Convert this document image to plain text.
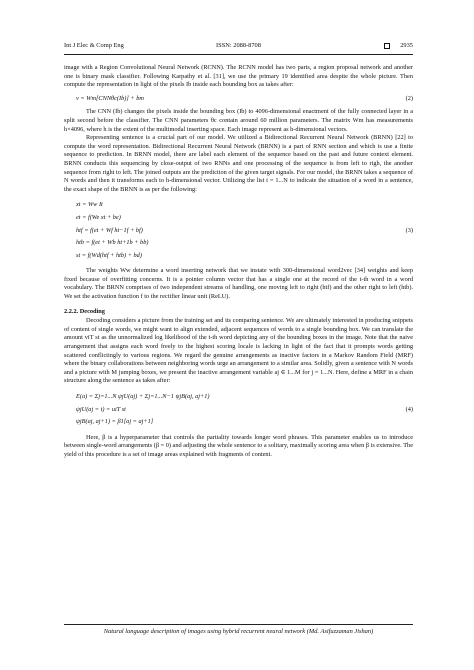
Int J Elec & Comp Eng	ISSN: 2088-8708	2935

image with a Region Convolutional Neural Network (RCNN). The RCNN model has two parts, a region proposal network and another one is binary mask classifier. Following Karpathy et al. [31], we use the primary 19 identified area despite the whole picture. Then compute the representation in light of the pixels Ib inside each bounding box as takes after:

v = Wm[CNNθc(Ib)] + bm	(2)

The CNN (Ib) changes the pixels inside the bounding box (Ib) to 4096-dimensional enactment of the fully connected layer in a split second before the classifier. The CNN parameters θc contain around 60 million parameters. The matrix Wm has measurements h×4096, where h is the extent of the multimodal inserting space. Each image represent as h-dimensional vectors.

Representing sentence is a crucial part of our model. We utilized a Bidirectional Recurrent Neural Network (BRNN) [22] to compute the word representation. Bidirectional Recurrent Neural Network (BRNN) is a part of RNN section and which is use a finite sequence to prediction. In BRNN model, there are label each element of the sequence based on the past and future context element. BRNN conducts this sequencing by close-output of two RNNs and one processing of the sequence is from left to righ, the another sequence from right to left. The joined outputs are the prediction of the given target signals. For our model, the BRNN takes a sequence of N words and then it transforms each to h-dimensional vector. Utilizing the list t = 1...N to indicate the situation of a word in a sentence, the exact shape of the BRNN is as per the following:

xt = Ww It
et = f(We xt + be)
htf = f(et + Wf ht−1f + bf)
htb = f(et + Wb ht+1b + bb)
st = f(Wd(htf + htb) + bd)
(3)

The weights Ww determine a word inserting network that we instate with 300-dimensional word2vec [34] weights and keep fixed because of overfitting concerns. It is a pointer column vector that has a single one at the record of the t-th word in a word vocabulary. The BRNN comprises of two independent streams of handling, one moving left to right (htf) and the other right to left (htb). We set the activation function f to the rectifier linear unit (ReLU).

2.2.2. Decoding

Decoding considers a picture from the training set and its comparing sentence. We are ultimately interested in producing snippets of content of single words, we might want to align extended, adjacent sequences of words to a single bounding box. We can translate the amount viT st as the unnormalized log likelihood of the t-th word depicting any of the bounding boxes in the image. Note that the naive arrangement that assigns each word freely to the highest scoring locale is lacking in light of the fact that it prompts words getting scattered conflictingly to various regions. We regard the genuine arrangements as inactive factors in a Markov Random Field (MRF) where the binary collaborations between neighboring words urge an arrangement to a similar area. Solidly, given a sentence with N words and a picture with M jumping boxes, we present the inactive arrangement variable aj ∈ 1...M for j = 1...N. Here, define a MRF in a chain structure along the sentence as takes after:

E(a) = Σj=1...N ψjU(aj) + Σj=1...N−1 ψjB(aj, aj+1)
ψjU(aj = t) = uiT st
ψjB(aj, aj+1) = β1[aj = aj+1]
(4)

Here, β is a hyperparameter that controls the partiality towards longer word phrases. This parameter enables us to introduce between single-word arrangements (β = 0) and adjusting the whole sentence to a solitary, maximally scoring area when β is extensive. The yield of this procedure is a set of image areas explained with fragments of content.

Natural language description of images using hybrid recurrent neural network (Md. Asifuzzaman Jishan)
